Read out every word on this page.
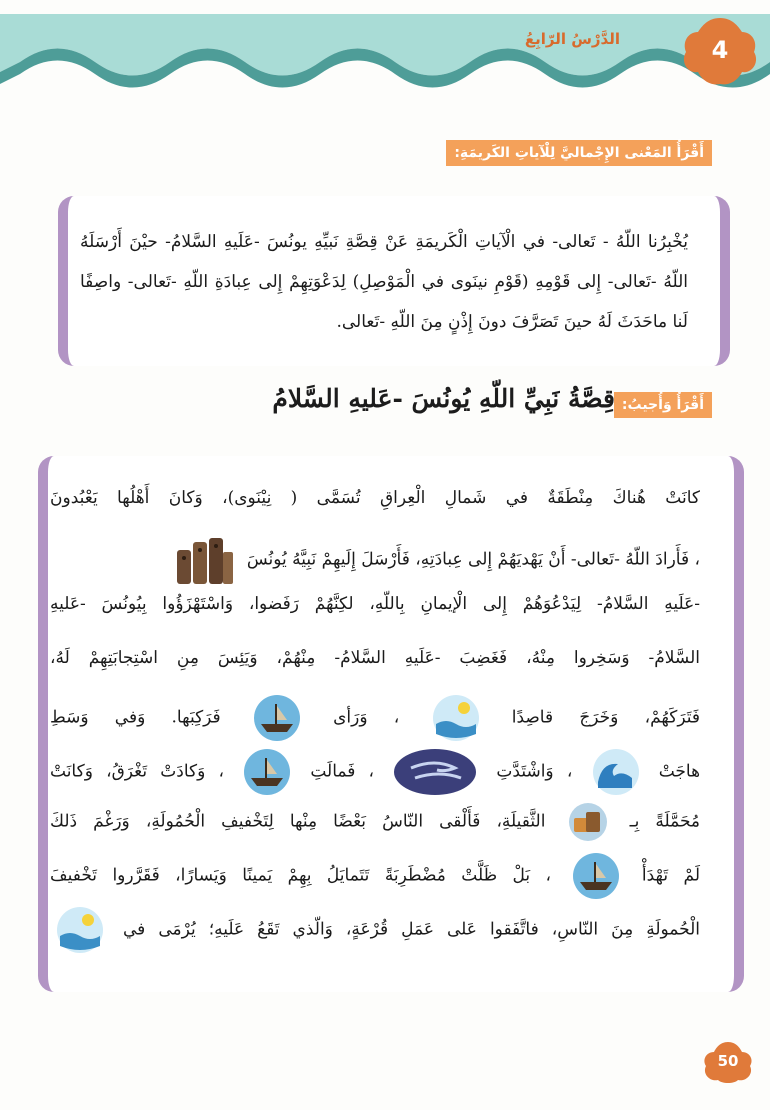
4
الدَّرْسُ الرّابِعُ
أَقْرَأُ المَعْنى الإِجْماليَّ لِلْآياتِ الكَريمَةِ:
يُخْبِرُنا اللّهُ - تَعالى- في الْآياتِ الْكَريمَةِ عَنْ قِصَّةِ نَبيِّهِ يونُسَ -عَلَيهِ السَّلامُ- حيْنَ أَرْسَلَهُ اللّهُ -تَعالى- إِلى قَوْمِهِ (قَوْمِ نينَوى في الْمَوْصِلِ) لِدَعْوَتِهِمْ إِلى عِبادَةِ اللّهِ -تَعالى- واصِفًا لَنا ماحَدَثَ لَهُ حينَ تَصَرَّفَ دونَ إِذْنٍ مِنَ اللّهِ -تَعالى.
أَقْرَأُ وَأُجيبُ:
قِصَّةُ نَبِيِّ اللّهِ يُونُسَ -عَليهِ السَّلامُ
كانَتْ هُناكَ مِنْطَقَةٌ في شَمالِ الْعِراقِ تُسَمَّى ( نِيْنَوى)، وَكانَ أَهْلُها يَعْبُدونَ
، فَأَرادَ اللّهُ -تَعالى- أَنْ يَهْديَهُمْ إِلى عِبادَتِهِ، فَأَرْسَلَ إِلَيهِمْ نَبِيَّهُ يُونُسَ
-عَلَيهِ السَّلامُ- لِيَدْعُوَهُمْ إِلى الْإيمانِ بِاللّهِ، لكِنَّهُمْ رَفَضوا، وَاسْتَهْزَؤُوا بِيُونُسَ -عَليهِ
السَّلامُ- وَسَخِروا مِنْهُ، فَغَضِبَ -عَلَيهِ السَّلامُ- مِنْهُمْ، وَيَئِسَ مِنِ اسْتِجابَتِهِمْ لَهُ،
فَتَرَكَهُمْ، وَخَرَجَ قاصِدًا  ، وَرَأى  فَرَكِبَها. وَفي وَسَطِ
هاجَتْ  ، وَاشْتَدَّتِ  ، فَمالَتِ  ، وَكادَتْ تَغْرَقُ، وَكانَتْ
مُحَمَّلَةً بِـ  الثَّقيلَةِ، فَأَلْقى النّاسُ بَعْضًا مِنْها لِتَخْفيفِ الْحُمُولَةِ، وَرَغْمَ ذَلكَ
لَمْ تَهْدَأْ  ، بَلْ ظَلَّتْ مُضْطَرِبَةً تَتَمايَلُ بِهِمْ يَمينًا وَيَسارًا، فَقَرَّروا تَخْفيفَ
الْحُمولَةِ مِنَ النّاسِ، فاتَّفَقوا عَلى عَمَلِ قُرْعَةٍ، وَالّذي تَقَعُ عَلَيهِ؛ يُرْمَى في
50
